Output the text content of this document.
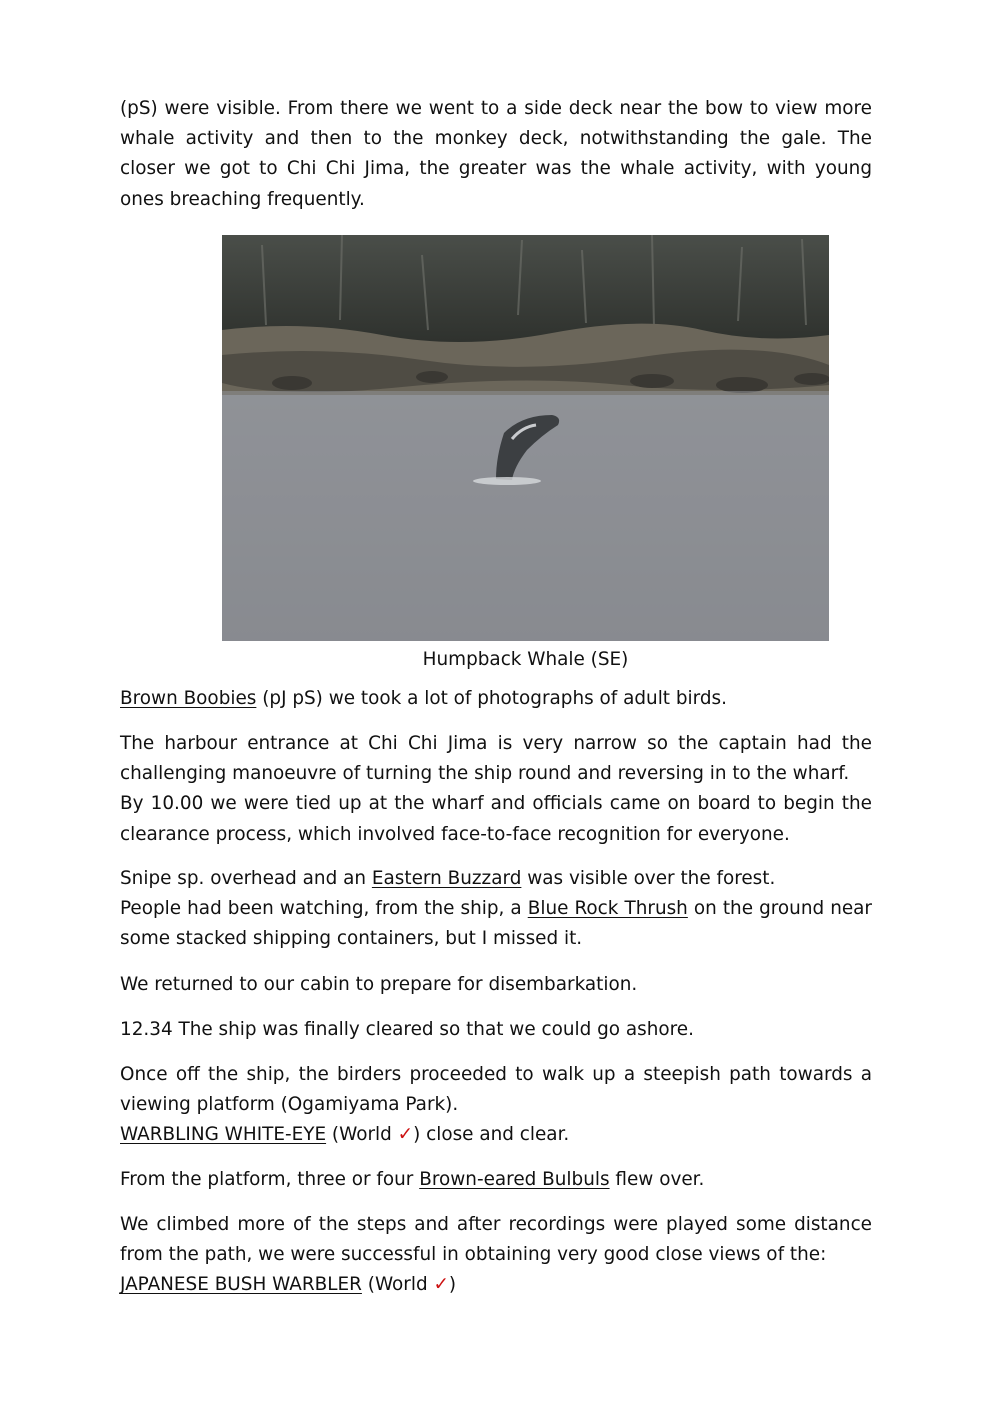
(pS) were visible. From there we went to a side deck near the bow to view more whale activity and then to the monkey deck, notwithstanding the gale. The closer we got to Chi Chi Jima, the greater was the whale activity, with young ones breaching frequently.

Humpback Whale (SE)

Brown Boobies (pJ pS) we took a lot of photographs of adult birds.

The harbour entrance at Chi Chi Jima is very narrow so the captain had the challenging manoeuvre of turning the ship round and reversing in to the wharf.
By 10.00 we were tied up at the wharf and officials came on board to begin the clearance process, which involved face-to-face recognition for everyone.
Snipe sp. overhead and an Eastern Buzzard was visible over the forest.
People had been watching, from the ship, a Blue Rock Thrush on the ground near some stacked shipping containers, but I missed it.

We returned to our cabin to prepare for disembarkation.

12.34 The ship was finally cleared so that we could go ashore.

Once off the ship, the birders proceeded to walk up a steepish path towards a viewing platform (Ogamiyama Park).
WARBLING WHITE-EYE (World ✓) close and clear.

From the platform, three or four Brown-eared Bulbuls flew over.

We climbed more of the steps and after recordings were played some distance from the path, we were successful in obtaining very good close views of the:
JAPANESE BUSH WARBLER (World ✓)
